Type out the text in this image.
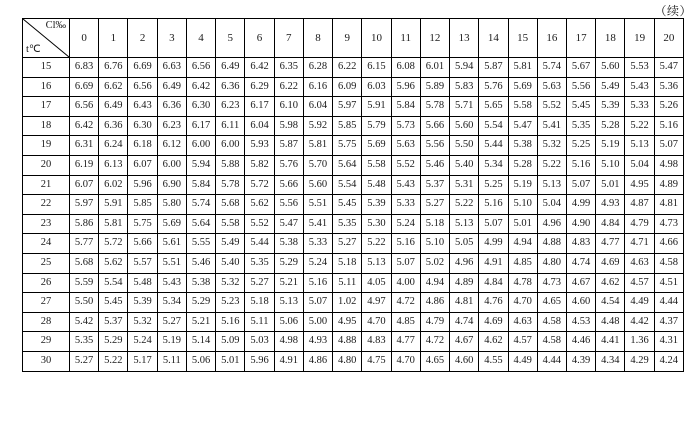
（续）
Cl‰
t℃	0	1	2	3	4	5	6	7	8	9	10	11	12	13	14	15	16	17	18	19	20
15	6.83	6.76	6.69	6.63	6.56	6.49	6.42	6.35	6.28	6.22	6.15	6.08	6.01	5.94	5.87	5.81	5.74	5.67	5.60	5.53	5.47
16	6.69	6.62	6.56	6.49	6.42	6.36	6.29	6.22	6.16	6.09	6.03	5.96	5.89	5.83	5.76	5.69	5.63	5.56	5.49	5.43	5.36
17	6.56	6.49	6.43	6.36	6.30	6.23	6.17	6.10	6.04	5.97	5.91	5.84	5.78	5.71	5.65	5.58	5.52	5.45	5.39	5.33	5.26
18	6.42	6.36	6.30	6.23	6.17	6.11	6.04	5.98	5.92	5.85	5.79	5.73	5.66	5.60	5.54	5.47	5.41	5.35	5.28	5.22	5.16
19	6.31	6.24	6.18	6.12	6.00	6.00	5.93	5.87	5.81	5.75	5.69	5.63	5.56	5.50	5.44	5.38	5.32	5.25	5.19	5.13	5.07
20	6.19	6.13	6.07	6.00	5.94	5.88	5.82	5.76	5.70	5.64	5.58	5.52	5.46	5.40	5.34	5.28	5.22	5.16	5.10	5.04	4.98
21	6.07	6.02	5.96	6.90	5.84	5.78	5.72	5.66	5.60	5.54	5.48	5.43	5.37	5.31	5.25	5.19	5.13	5.07	5.01	4.95	4.89
22	5.97	5.91	5.85	5.80	5.74	5.68	5.62	5.56	5.51	5.45	5.39	5.33	5.27	5.22	5.16	5.10	5.04	4.99	4.93	4.87	4.81
23	5.86	5.81	5.75	5.69	5.64	5.58	5.52	5.47	5.41	5.35	5.30	5.24	5.18	5.13	5.07	5.01	4.96	4.90	4.84	4.79	4.73
24	5.77	5.72	5.66	5.61	5.55	5.49	5.44	5.38	5.33	5.27	5.22	5.16	5.10	5.05	4.99	4.94	4.88	4.83	4.77	4.71	4.66
25	5.68	5.62	5.57	5.51	5.46	5.40	5.35	5.29	5.24	5.18	5.13	5.07	5.02	4.96	4.91	4.85	4.80	4.74	4.69	4.63	4.58
26	5.59	5.54	5.48	5.43	5.38	5.32	5.27	5.21	5.16	5.11	4.05	4.00	4.94	4.89	4.84	4.78	4.73	4.67	4.62	4.57	4.51
27	5.50	5.45	5.39	5.34	5.29	5.23	5.18	5.13	5.07	1.02	4.97	4.72	4.86	4.81	4.76	4.70	4.65	4.60	4.54	4.49	4.44
28	5.42	5.37	5.32	5.27	5.21	5.16	5.11	5.06	5.00	4.95	4.70	4.85	4.79	4.74	4.69	4.63	4.58	4.53	4.48	4.42	4.37
29	5.35	5.29	5.24	5.19	5.14	5.09	5.03	4.98	4.93	4.88	4.83	4.77	4.72	4.67	4.62	4.57	4.58	4.46	4.41	1.36	4.31
30	5.27	5.22	5.17	5.11	5.06	5.01	5.96	4.91	4.86	4.80	4.75	4.70	4.65	4.60	4.55	4.49	4.44	4.39	4.34	4.29	4.24
